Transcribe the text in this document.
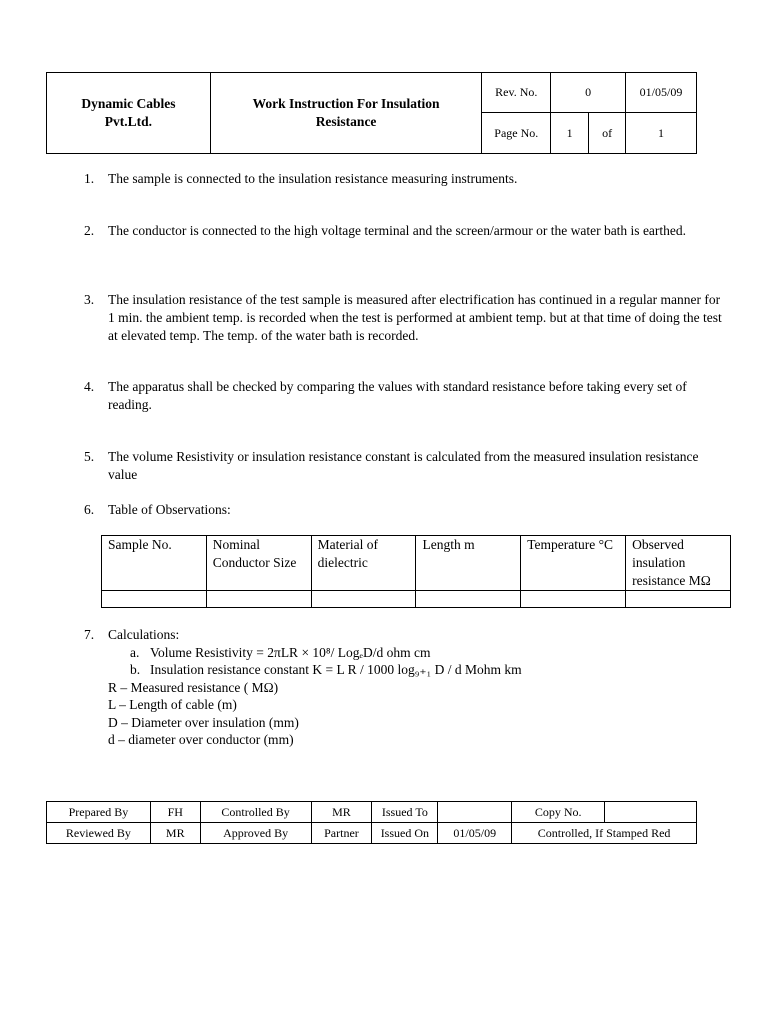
Dynamic Cables Pvt.Ltd.	Work Instruction For Insulation Resistance	Rev. No.	0		01/05/09
		Page No.	1	of	1
1.	The sample is connected to the insulation resistance measuring instruments.
2.	The conductor is connected to the high voltage terminal and the screen/armour or the water bath is earthed.
3.	The insulation resistance of the test sample is measured after electrification has continued in a regular manner for 1 min. the ambient temp. is recorded when the test is performed at ambient temp. but at that time of doing the test at elevated temp. The temp. of the water bath is recorded.
4.	The apparatus shall be checked by comparing the values with standard resistance before taking every set of reading.
5.	The volume Resistivity or insulation resistance constant is calculated from the measured insulation resistance value
6.	Table of Observations:
Sample No.	Nominal Conductor Size	Material of dielectric	Length m	Temperature °C	Observed insulation resistance MΩ

7. Calculations:
a. Volume Resistivity = 2πLR × 10⁸/ LogₑD/d ohm cm
b. Insulation resistance constant K = L R / 1000 log₉₊₁ D / d Mohm km
R – Measured resistance ( MΩ)
L – Length of cable (m)
D – Diameter over insulation (mm)
d – diameter over conductor (mm)
Prepared By	FH	Controlled By	MR	Issued To		Copy No.	
Reviewed By	MR	Approved By	Partner	Issued On	01/05/09	Controlled, If Stamped Red	
